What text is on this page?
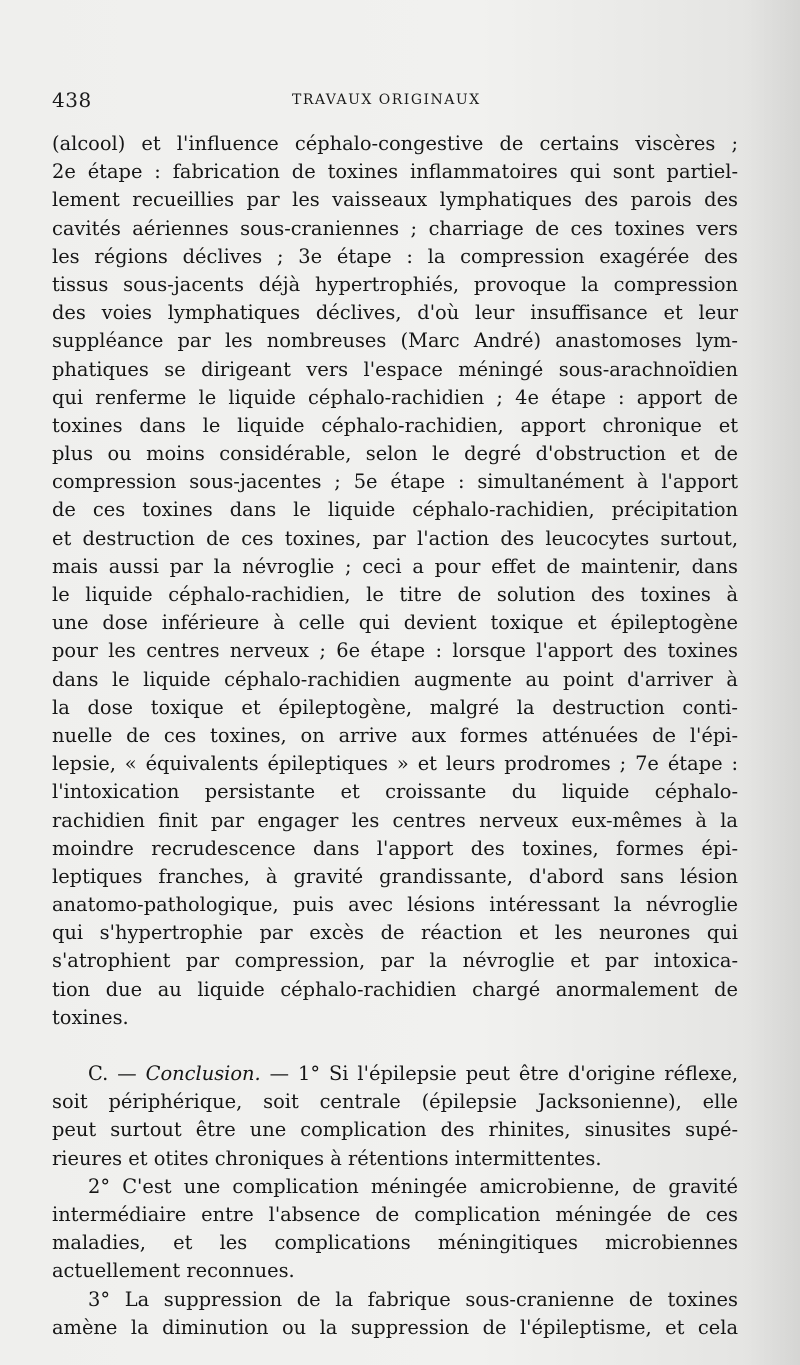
438	TRAVAUX ORIGINAUX
(alcool) et l'influence céphalo-congestive de certains viscères ;
2e étape : fabrication de toxines inflammatoires qui sont partiel-
lement recueillies par les vaisseaux lymphatiques des parois des
cavités aériennes sous-craniennes ; charriage de ces toxines vers
les régions déclives ; 3e étape : la compression exagérée des
tissus sous-jacents déjà hypertrophiés, provoque la compression
des voies lymphatiques déclives, d'où leur insuffisance et leur
suppléance par les nombreuses (Marc André) anastomoses lym-
phatiques se dirigeant vers l'espace méningé sous-arachnoïdien
qui renferme le liquide céphalo-rachidien ; 4e étape : apport de
toxines dans le liquide céphalo-rachidien, apport chronique et
plus ou moins considérable, selon le degré d'obstruction et de
compression sous-jacentes ; 5e étape : simultanément à l'apport
de ces toxines dans le liquide céphalo-rachidien, précipitation
et destruction de ces toxines, par l'action des leucocytes surtout,
mais aussi par la névroglie ; ceci a pour effet de maintenir, dans
le liquide céphalo-rachidien, le titre de solution des toxines à
une dose inférieure à celle qui devient toxique et épileptogène
pour les centres nerveux ; 6e étape : lorsque l'apport des toxines
dans le liquide céphalo-rachidien augmente au point d'arriver à
la dose toxique et épileptogène, malgré la destruction conti-
nuelle de ces toxines, on arrive aux formes atténuées de l'épi-
lepsie, « équivalents épileptiques » et leurs prodromes ; 7e étape :
l'intoxication persistante et croissante du liquide céphalo-
rachidien finit par engager les centres nerveux eux-mêmes à la
moindre recrudescence dans l'apport des toxines, formes épi-
leptiques franches, à gravité grandissante, d'abord sans lésion
anatomo-pathologique, puis avec lésions intéressant la névroglie
qui s'hypertrophie par excès de réaction et les neurones qui
s'atrophient par compression, par la névroglie et par intoxica-
tion due au liquide céphalo-rachidien chargé anormalement de
toxines.
C. — Conclusion. — 1° Si l'épilepsie peut être d'origine réflexe,
soit périphérique, soit centrale (épilepsie Jacksonienne), elle
peut surtout être une complication des rhinites, sinusites supé-
rieures et otites chroniques à rétentions intermittentes.
2° C'est une complication méningée amicrobienne, de gravité
intermédiaire entre l'absence de complication méningée de ces
maladies, et les complications méningitiques microbiennes
actuellement reconnues.
3° La suppression de la fabrique sous-cranienne de toxines
amène la diminution ou la suppression de l'épileptisme, et cela
